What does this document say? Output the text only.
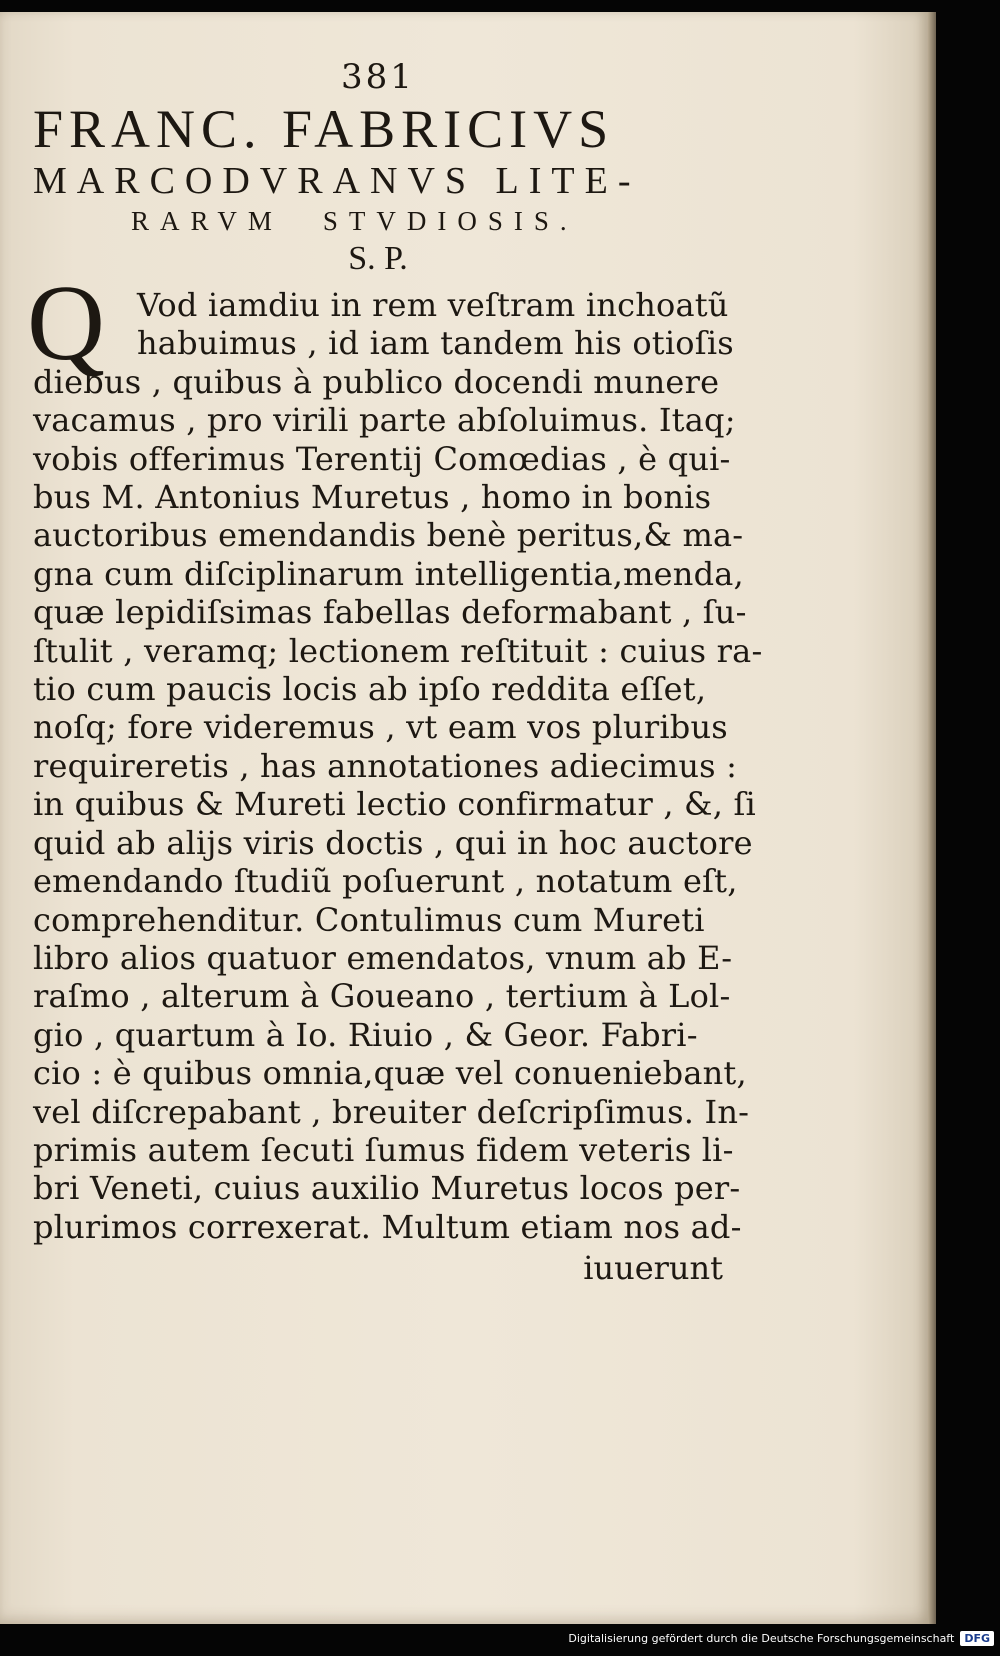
381
FRANC. FABRICIVS
MARCODVRANVS LITE-
RARVM STVDIOSIS.
S. P.
Q	Vod iamdiu in rem veſtram inchoatũ
habuimus , id iam tandem his otioſis
diebus , quibus à publico docendi munere
vacamus , pro virili parte abſoluimus. Itaq;
vobis offerimus Terentij Comœdias , è qui-
bus M. Antonius Muretus , homo in bonis
auctoribus emendandis benè peritus,& ma-
gna cum diſciplinarum intelligentia,menda,
quæ lepidiſsimas fabellas deformabant , ſu-
ſtulit , veramq; lectionem reſtituit : cuius ra-
tio cum paucis locis ab ipſo reddita eſſet,
noſq; fore videremus , vt eam vos pluribus
requireretis , has annotationes adiecimus :
in quibus & Mureti lectio confirmatur , &, ſi
quid ab alijs viris doctis , qui in hoc auctore
emendando ſtudiũ poſuerunt , notatum eſt,
comprehenditur. Contulimus cum Mureti
libro alios quatuor emendatos, vnum ab E-
raſmo , alterum à Goueano , tertium à Lol-
gio , quartum à Io. Riuio , & Geor. Fabri-
cio : è quibus omnia,quæ vel conueniebant,
vel diſcrepabant , breuiter deſcripſimus. In-
primis autem ſecuti ſumus fidem veteris li-
bri Veneti, cuius auxilio Muretus locos per-
plurimos correxerat. Multum etiam nos ad-
iuuerunt
Digitalisierung gefördert durch die Deutsche Forschungsgemeinschaft DFG
